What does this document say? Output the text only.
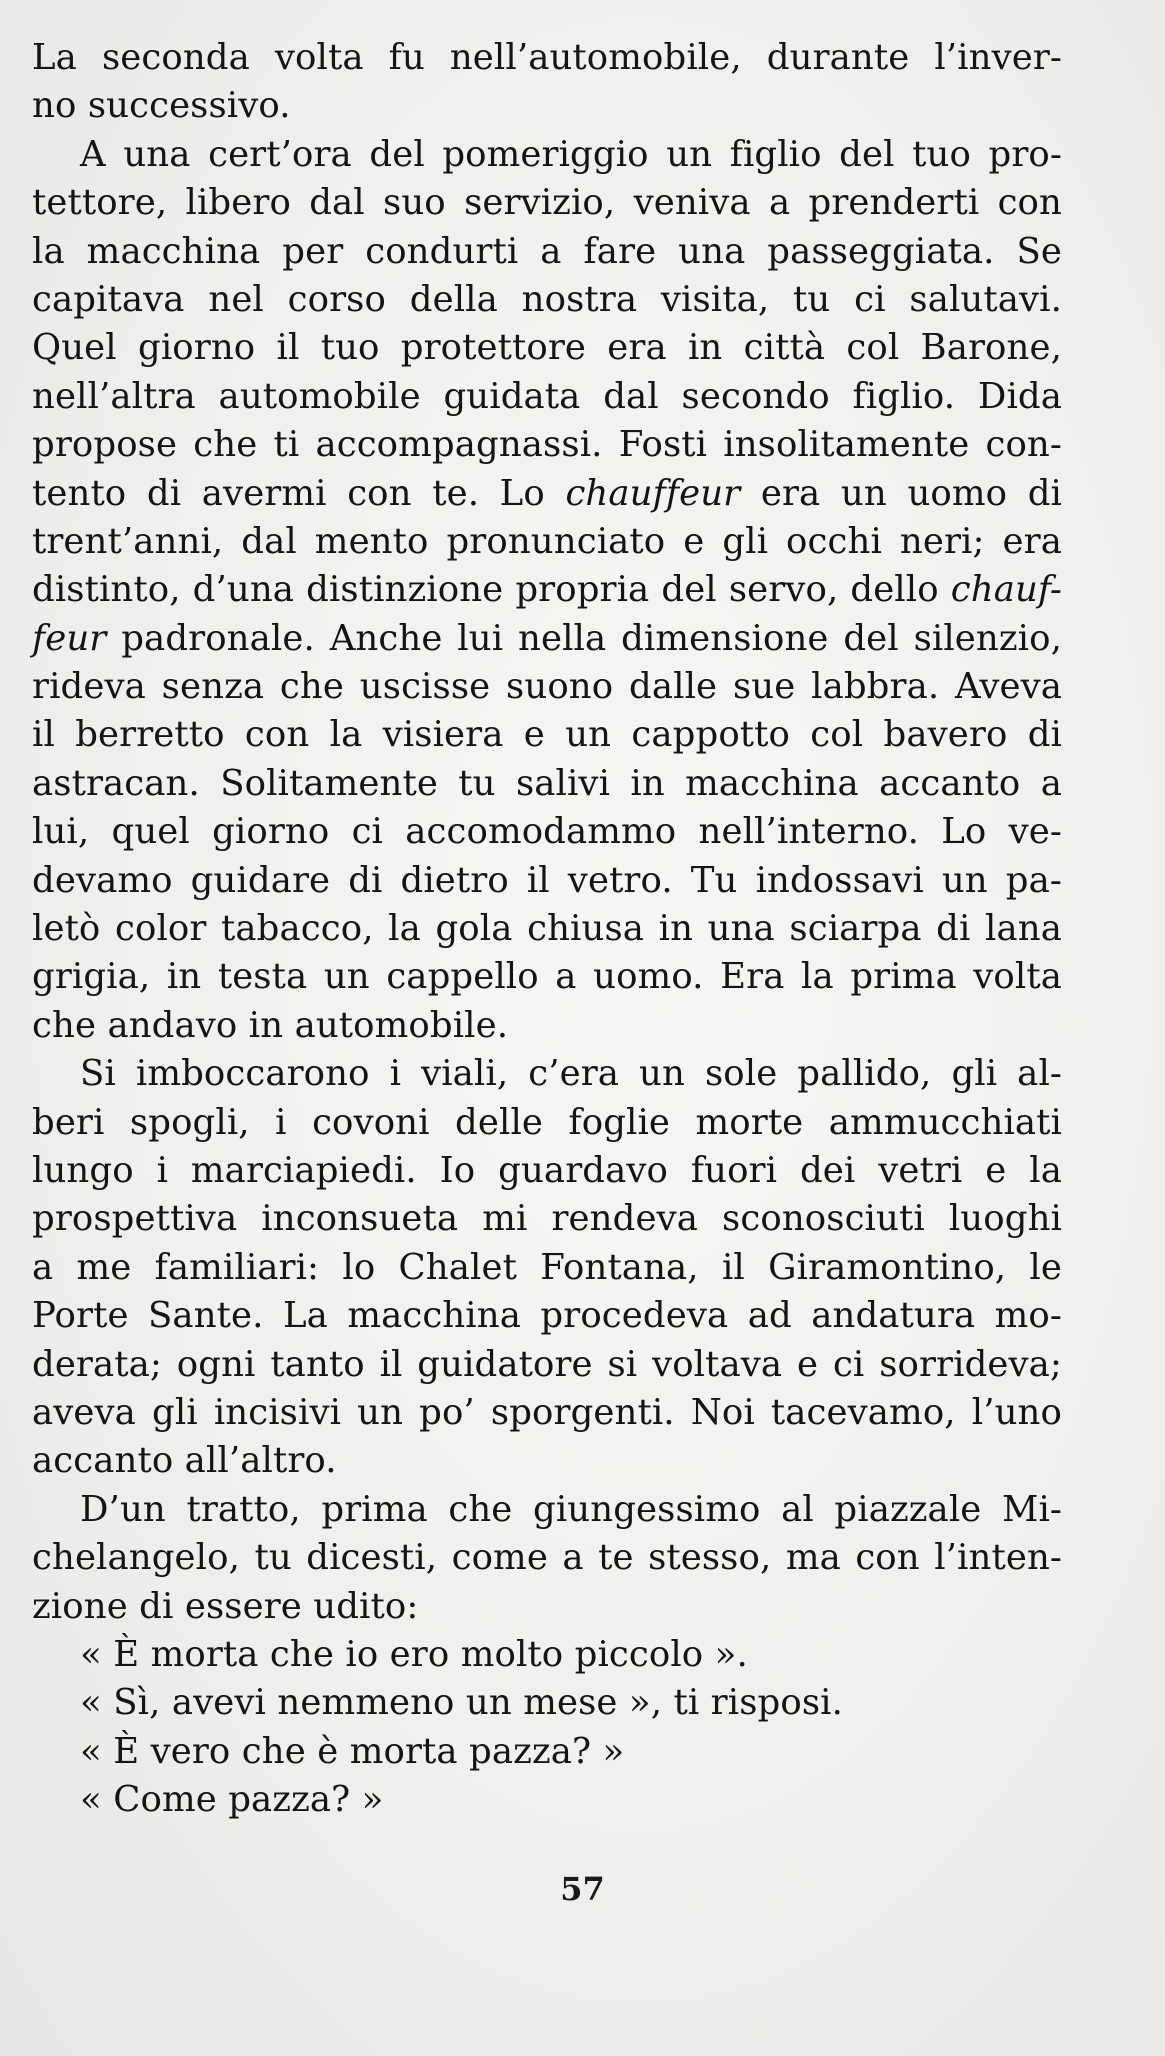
La seconda volta fu nell’automobile, durante l’inver-
no successivo.
A una cert’ora del pomeriggio un figlio del tuo pro-
tettore, libero dal suo servizio, veniva a prenderti con
la macchina per condurti a fare una passeggiata. Se
capitava nel corso della nostra visita, tu ci salutavi.
Quel giorno il tuo protettore era in città col Barone,
nell’altra automobile guidata dal secondo figlio. Dida
propose che ti accompagnassi. Fosti insolitamente con-
tento di avermi con te. Lo chauffeur era un uomo di
trent’anni, dal mento pronunciato e gli occhi neri; era
distinto, d’una distinzione propria del servo, dello chauf-
feur padronale. Anche lui nella dimensione del silenzio,
rideva senza che uscisse suono dalle sue labbra. Aveva
il berretto con la visiera e un cappotto col bavero di
astracan. Solitamente tu salivi in macchina accanto a
lui, quel giorno ci accomodammo nell’interno. Lo ve-
devamo guidare di dietro il vetro. Tu indossavi un pa-
letò color tabacco, la gola chiusa in una sciarpa di lana
grigia, in testa un cappello a uomo. Era la prima volta
che andavo in automobile.
Si imboccarono i viali, c’era un sole pallido, gli al-
beri spogli, i covoni delle foglie morte ammucchiati
lungo i marciapiedi. Io guardavo fuori dei vetri e la
prospettiva inconsueta mi rendeva sconosciuti luoghi
a me familiari: lo Chalet Fontana, il Giramontino, le
Porte Sante. La macchina procedeva ad andatura mo-
derata; ogni tanto il guidatore si voltava e ci sorrideva;
aveva gli incisivi un po’ sporgenti. Noi tacevamo, l’uno
accanto all’altro.
D’un tratto, prima che giungessimo al piazzale Mi-
chelangelo, tu dicesti, come a te stesso, ma con l’inten-
zione di essere udito:
« È morta che io ero molto piccolo ».
« Sì, avevi nemmeno un mese », ti risposi.
« È vero che è morta pazza? »
« Come pazza? »
57
